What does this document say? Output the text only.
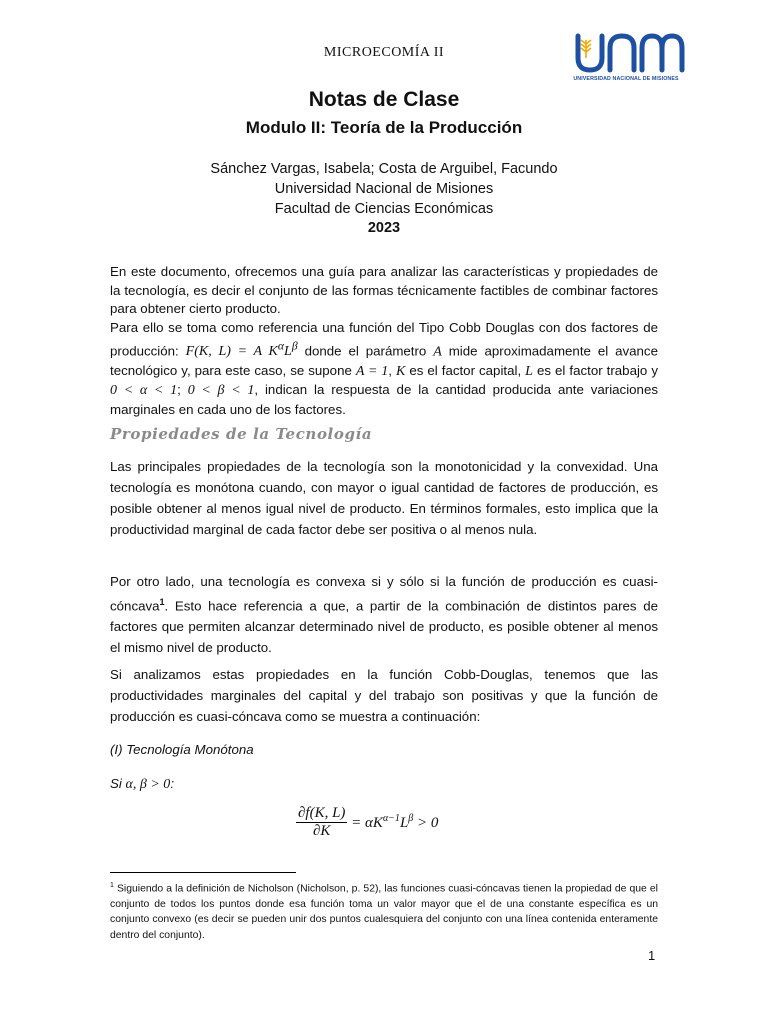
MICROECOMÍA II
UNIVERSIDAD NACIONAL DE MISIONES
Notas de Clase
Modulo II: Teoría de la Producción
Sánchez Vargas, Isabela; Costa de Arguibel, Facundo
Universidad Nacional de Misiones
Facultad de Ciencias Económicas
2023
En este documento, ofrecemos una guía para analizar las características y propiedades de la tecnología, es decir el conjunto de las formas técnicamente factibles de combinar factores para obtener cierto producto.
Para ello se toma como referencia una función del Tipo Cobb Douglas con dos factores de producción: F(K, L) = A $K^\alpha L^\beta$ donde el parámetro A mide aproximadamente el avance tecnológico y, para este caso, se supone A = 1, K es el factor capital, L es el factor trabajo y 0 < α < 1; 0 < β < 1, indican la respuesta de la cantidad producida ante variaciones marginales en cada uno de los factores.
Propiedades de la Tecnología
Las principales propiedades de la tecnología son la monotonicidad y la convexidad. Una tecnología es monótona cuando, con mayor o igual cantidad de factores de producción, es posible obtener al menos igual nivel de producto. En términos formales, esto implica que la productividad marginal de cada factor debe ser positiva o al menos nula.
Por otro lado, una tecnología es convexa si y sólo si la función de producción es cuasi-cóncava$^1$. Esto hace referencia a que, a partir de la combinación de distintos pares de factores que permiten alcanzar determinado nivel de producto, es posible obtener al menos el mismo nivel de producto.
Si analizamos estas propiedades en la función Cobb-Douglas, tenemos que las productividades marginales del capital y del trabajo son positivas y que la función de producción es cuasi-cóncava como se muestra a continuación:
(I) Tecnología Monótona
Si α, β > 0:
$\frac{\partial f(K, L)}{\partial K} = \alpha K^{\alpha-1}L^\beta > 0$
$^1$ Siguiendo a la definición de Nicholson (Nicholson, p. 52), las funciones cuasi-cóncavas tienen la propiedad de que el conjunto de todos los puntos donde esa función toma un valor mayor que el de una constante específica es un conjunto convexo (es decir se pueden unir dos puntos cualesquiera del conjunto con una línea contenida enteramente dentro del conjunto).
1
